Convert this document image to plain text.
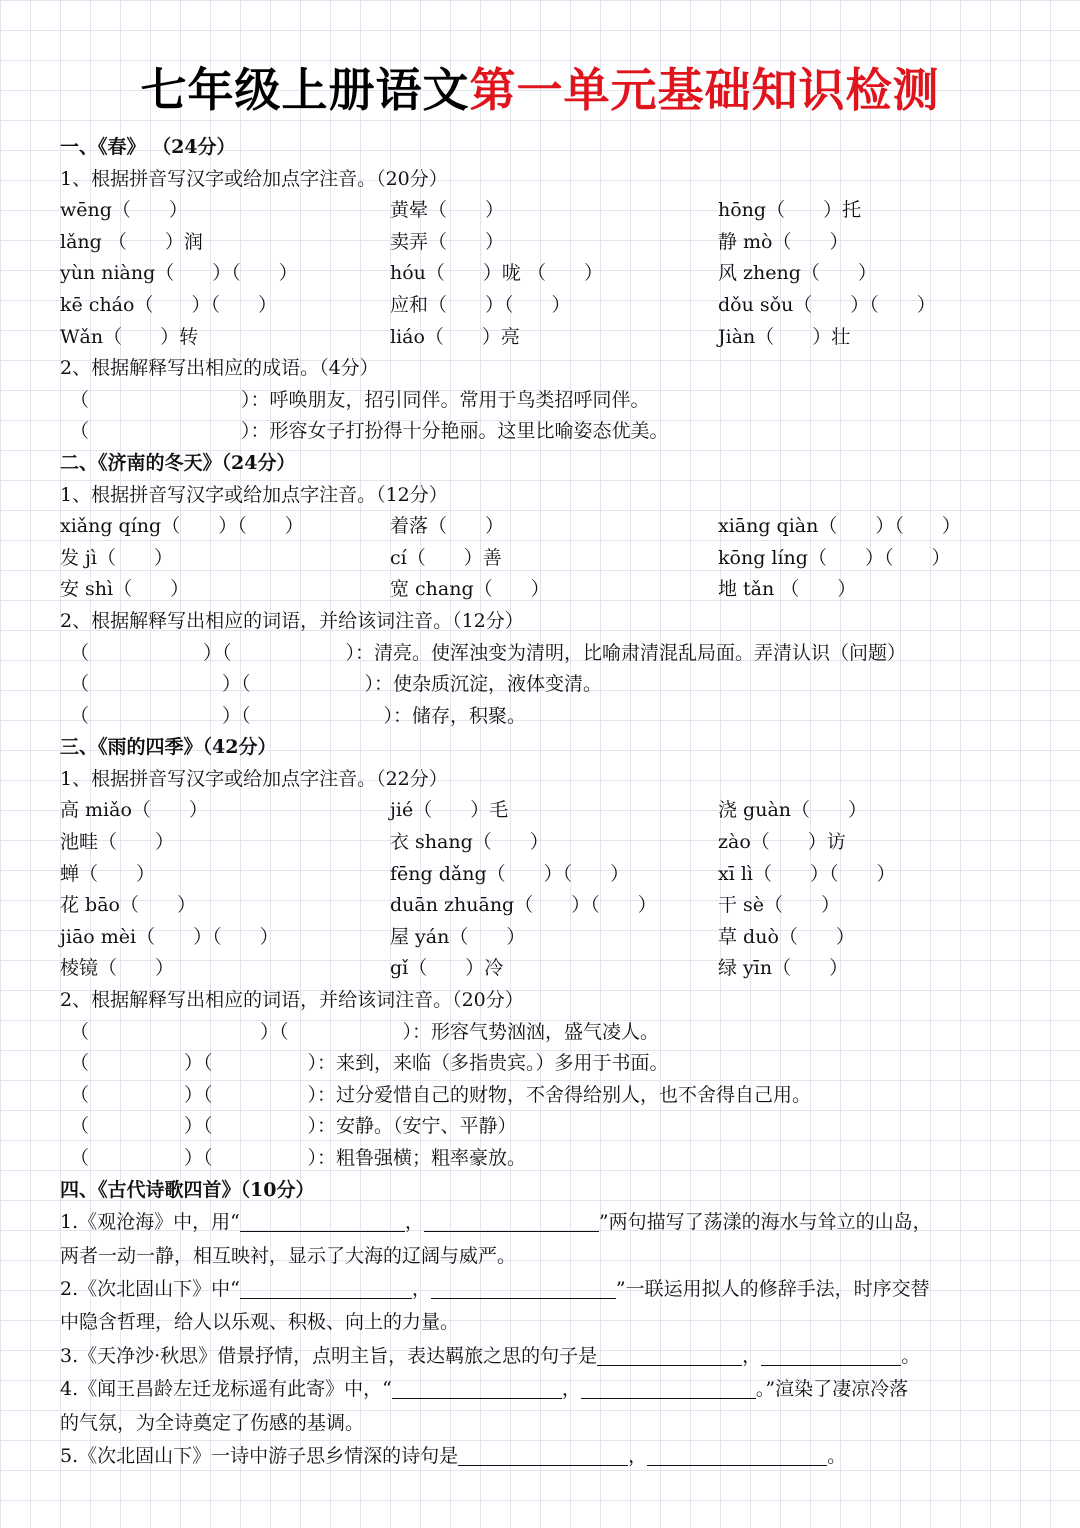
七年级上册语文第一单元基础知识检测
一、《春》 （24分）
1、根据拼音写汉字或给加点字注音。（20分）
wēng（　　）	黄晕（　　）	hōng（　　）托
lǎng （　　）润	卖弄（　　）	静 mò（　　）
yùn niàng（　　）（　　）	hóu（　　）咙 （　　）	风 zheng（　　）
kē cháo（　　）（　　）	应和（　　）（　　）	dǒu sǒu（　　）（　　）
Wǎn（　　）转	liáo（　　）亮	Jiàn（　　）壮
2、根据解释写出相应的成语。（4分）
（　　　　　　　　）：呼唤朋友，招引同伴。常用于鸟类招呼同伴。
（　　　　　　　　）：形容女子打扮得十分艳丽。这里比喻姿态优美。
二、《济南的冬天》（24分）
1、根据拼音写汉字或给加点字注音。（12分）
xiǎng qíng（　　）（　　）	着落（　　）	xiāng qiàn（　　）（　　）
发 jì（　　）	cí（　　）善	kōng líng（　　）（　　）
安 shì（　　）	宽 chang（　　）	地 tǎn （　　）
2、根据解释写出相应的词语，并给该词注音。（12分）
（　　　　　　）（　　　　　　）：清亮。使浑浊变为清明，比喻肃清混乱局面。弄清认识（问题）
（　　　　　　　）（　　　　　　）：使杂质沉淀，液体变清。
（　　　　　　　）（　　　　　　　）：储存，积聚。
三、《雨的四季》（42分）
1、根据拼音写汉字或给加点字注音。（22分）
高 miǎo（　　）	jié（　　）毛	浇 guàn（　　）
池畦（　　）	衣 shang（　　）	zào（　　）访
蝉（　　）	fēng dǎng（　　）（　　）	xī lì（　　）（　　）
花 bāo（　　）	duān zhuāng（　　）（　　）	干 sè（　　）
jiāo mèi（　　）（　　）	屋 yán（　　）	草 duò（　　）
棱镜（　　）	gǐ（　　）冷	绿 yīn（　　）
2、根据解释写出相应的词语，并给该词注音。（20分）
（　　　　　　　　　）（　　　　　　）：形容气势汹汹，盛气凌人。
（　　　　　）（　　　　　）：来到，来临（多指贵宾。）多用于书面。
（　　　　　）（　　　　　）：过分爱惜自己的财物，不舍得给别人，也不舍得自己用。
（　　　　　）（　　　　　）：安静。（安宁、平静）
（　　　　　）（　　　　　）：粗鲁强横；粗率豪放。
四、《古代诗歌四首》（10分）
1.《观沧海》中，用“	，	”两句描写了荡漾的海水与耸立的山岛，
两者一动一静，相互映衬，显示了大海的辽阔与威严。
2.《次北固山下》中“	，	”一联运用拟人的修辞手法，时序交替
中隐含哲理，给人以乐观、积极、向上的力量。
3.《天净沙·秋思》借景抒情，点明主旨，表达羁旅之思的句子是	，	。
4.《闻王昌龄左迁龙标遥有此寄》中，“	，	。”渲染了凄凉冷落
的气氛，为全诗奠定了伤感的基调。
5.《次北固山下》一诗中游子思乡情深的诗句是	，	。
